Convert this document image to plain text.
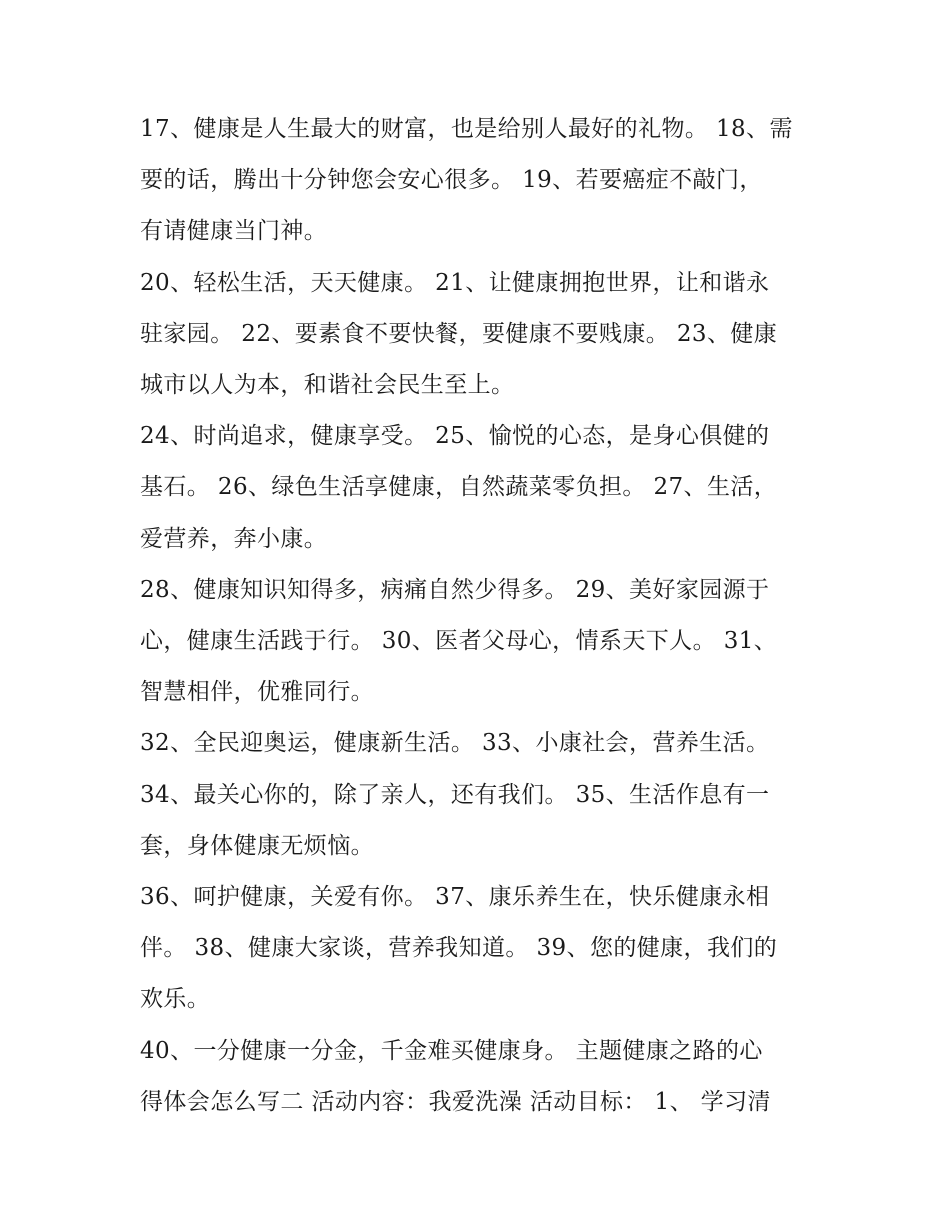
17、健康是人生最大的财富，也是给别人最好的礼物。 18、需
要的话，腾出十分钟您会安心很多。 19、若要癌症不敲门，
有请健康当门神。

20、轻松生活，天天健康。 21、让健康拥抱世界，让和谐永
驻家园。 22、要素食不要快餐，要健康不要贱康。 23、健康
城市以人为本，和谐社会民生至上。

24、时尚追求，健康享受。 25、愉悦的心态，是身心俱健的
基石。 26、绿色生活享健康，自然蔬菜零负担。 27、生活，
爱营养，奔小康。

28、健康知识知得多，病痛自然少得多。 29、美好家园源于
心，健康生活践于行。 30、医者父母心，情系天下人。 31、
智慧相伴，优雅同行。

32、全民迎奥运，健康新生活。 33、小康社会，营养生活。

34、最关心你的，除了亲人，还有我们。 35、生活作息有一
套，身体健康无烦恼。

36、呵护健康，关爱有你。 37、康乐养生在，快乐健康永相
伴。 38、健康大家谈，营养我知道。 39、您的健康，我们的
欢乐。

40、一分健康一分金，千金难买健康身。 主题健康之路的心
得体会怎么写二 活动内容：我爱洗澡 活动目标： 1、 学习清
